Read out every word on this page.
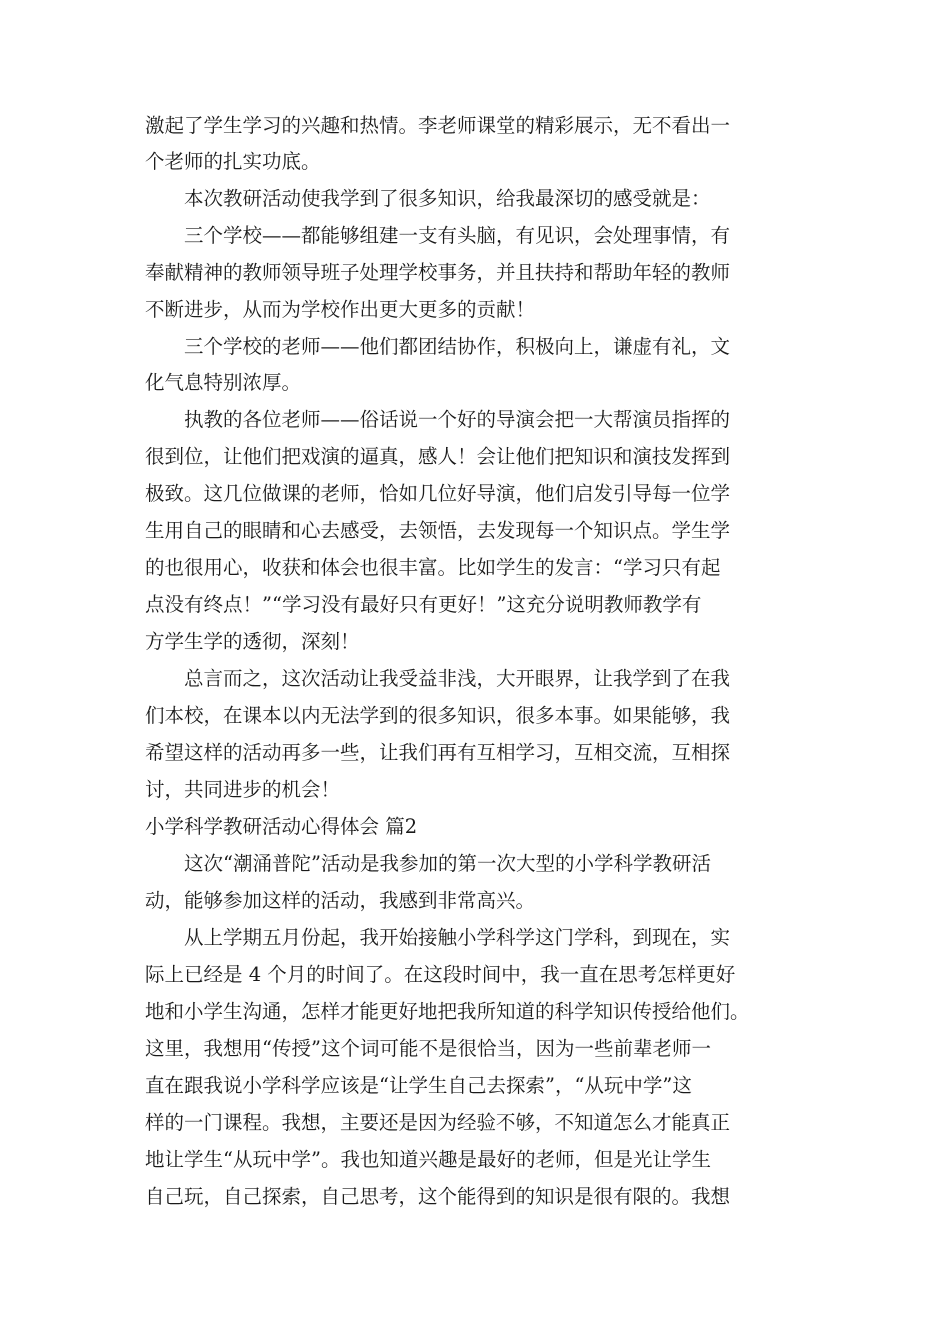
激起了学生学习的兴趣和热情。李老师课堂的精彩展示，无不看出一
个老师的扎实功底。
　　本次教研活动使我学到了很多知识，给我最深切的感受就是：
　　三个学校——都能够组建一支有头脑，有见识，会处理事情，有
奉献精神的教师领导班子处理学校事务，并且扶持和帮助年轻的教师
不断进步，从而为学校作出更大更多的贡献！
　　三个学校的老师——他们都团结协作，积极向上，谦虚有礼，文
化气息特别浓厚。
　　执教的各位老师——俗话说一个好的导演会把一大帮演员指挥的
很到位，让他们把戏演的逼真，感人！会让他们把知识和演技发挥到
极致。这几位做课的老师，恰如几位好导演，他们启发引导每一位学
生用自己的眼睛和心去感受，去领悟，去发现每一个知识点。学生学
的也很用心，收获和体会也很丰富。比如学生的发言：“学习只有起
点没有终点！”“学习没有最好只有更好！”这充分说明教师教学有
方学生学的透彻，深刻！
　　总言而之，这次活动让我受益非浅，大开眼界，让我学到了在我
们本校，在课本以内无法学到的很多知识，很多本事。如果能够，我
希望这样的活动再多一些，让我们再有互相学习，互相交流，互相探
讨，共同进步的机会！
小学科学教研活动心得体会 篇2
　　这次“潮涌普陀”活动是我参加的第一次大型的小学科学教研活
动，能够参加这样的活动，我感到非常高兴。
　　从上学期五月份起，我开始接触小学科学这门学科，到现在，实
际上已经是 4 个月的时间了。在这段时间中，我一直在思考怎样更好
地和小学生沟通，怎样才能更好地把我所知道的科学知识传授给他们。
这里，我想用“传授”这个词可能不是很恰当，因为一些前辈老师一
直在跟我说小学科学应该是“让学生自己去探索”，“从玩中学”这
样的一门课程。我想，主要还是因为经验不够，不知道怎么才能真正
地让学生“从玩中学”。我也知道兴趣是最好的老师，但是光让学生
自己玩，自己探索，自己思考，这个能得到的知识是很有限的。我想
